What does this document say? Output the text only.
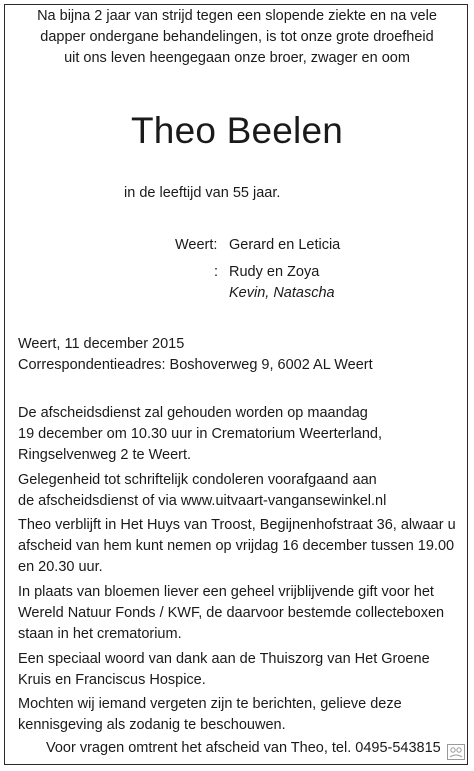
Na bijna 2 jaar van strijd tegen een slopende ziekte en na vele
dapper ondergane behandelingen, is tot onze grote droefheid
uit ons leven heengegaan onze broer, zwager en oom
Theo Beelen
in de leeftijd van 55 jaar.
Weert: Gerard en Leticia
: Rudy en Zoya
Kevin, Natascha
Weert, 11 december 2015
Correspondentieadres: Boshoverweg 9, 6002 AL Weert
De afscheidsdienst zal gehouden worden op maandag
19 december om 10.30 uur in Crematorium Weerterland,
Ringselvenweg 2 te Weert.
Gelegenheid tot schriftelijk condoleren voorafgaand aan
de afscheidsdienst of via www.uitvaart-vangansewinkel.nl
Theo verblijft in Het Huys van Troost, Begijnenhofstraat 36, alwaar u
afscheid van hem kunt nemen op vrijdag 16 december tussen 19.00
en 20.30 uur.
In plaats van bloemen liever een geheel vrijblijvende gift voor het
Wereld Natuur Fonds / KWF, de daarvoor bestemde collecteboxen
staan in het crematorium.
Een speciaal woord van dank aan de Thuiszorg van Het Groene
Kruis en Franciscus Hospice.
Mochten wij iemand vergeten zijn te berichten, gelieve deze
kennisgeving als zodanig te beschouwen.
Voor vragen omtrent het afscheid van Theo, tel. 0495-543815
